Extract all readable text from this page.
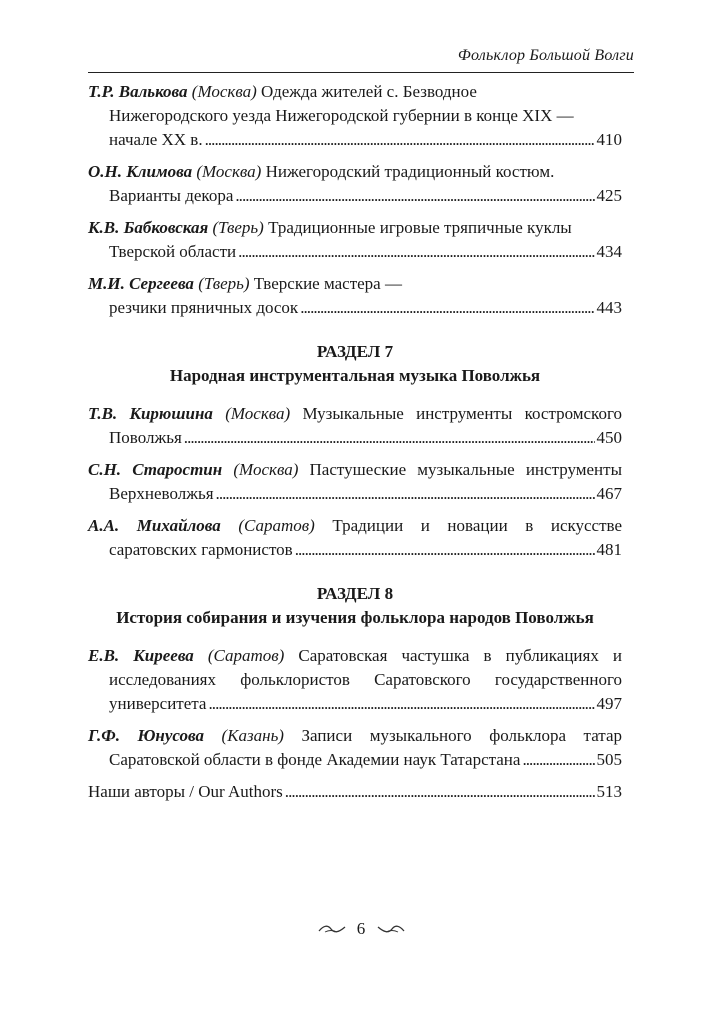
Фольклор Большой Волги
Т.Р. Валькова (Москва) Одежда жителей с. Безводное
Нижегородского уезда Нижегородской губернии в конце XIX —
начале XX в. . . .	410
О.Н. Климова (Москва) Нижегородский традиционный костюм.
Варианты декора . . .	425
К.В. Бабковская (Тверь) Традиционные игровые тряпичные куклы
Тверской области . . .	434
М.И. Сергеева (Тверь) Тверские мастера —
резчики пряничных досок . . .	443
РАЗДЕЛ 7
Народная инструментальная музыка Поволжья
Т.В. Кирюшина (Москва) Музыкальные инструменты костромского
Поволжья . . .	450
С.Н. Старостин (Москва) Пастушеские музыкальные инструменты
Верхневолжья . . .	467
А.А. Михайлова (Саратов) Традиции и новации в искусстве
саратовских гармонистов . . .	481
РАЗДЕЛ 8
История собирания и изучения фольклора народов Поволжья
Е.В. Киреева (Саратов) Саратовская частушка в публикациях и
исследованиях фольклористов Саратовского государственного
университета . . .	497
Г.Ф. Юнусова (Казань) Записи музыкального фольклора татар
Саратовской области в фонде Академии наук Татарстана . . .	505
Наши авторы / Our Authors . . .	513
6
